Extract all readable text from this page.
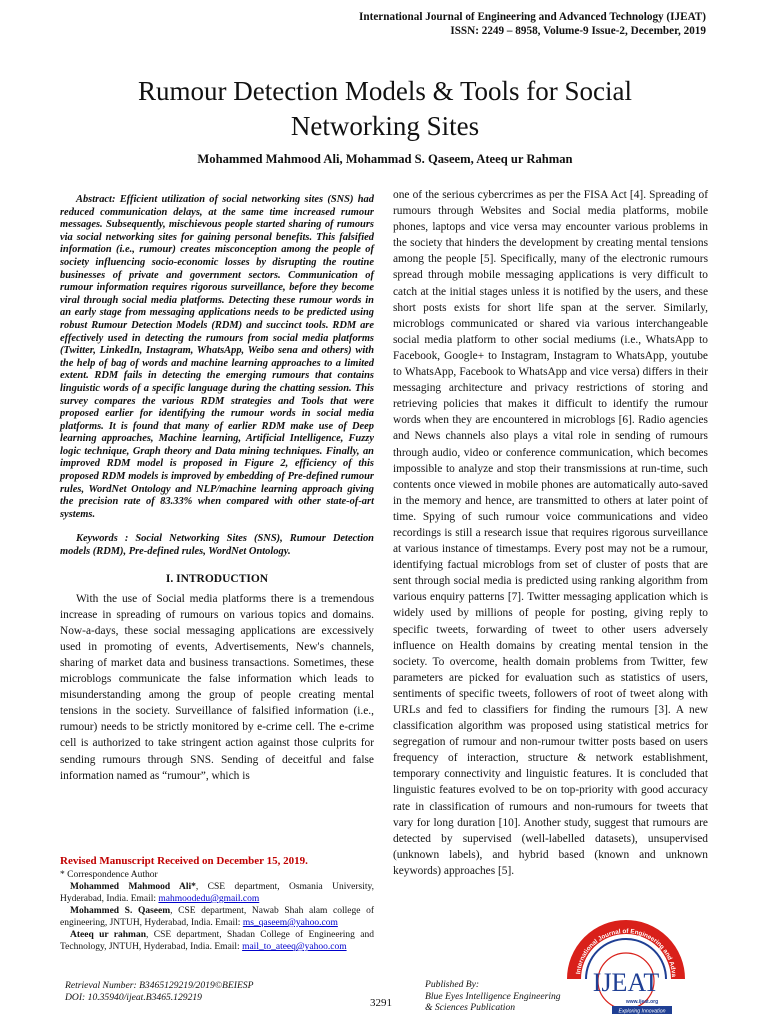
International Journal of Engineering and Advanced Technology (IJEAT)
ISSN: 2249 – 8958, Volume-9 Issue-2, December, 2019
Rumour Detection Models & Tools for Social
Networking Sites
Mohammed Mahmood Ali, Mohammad S. Qaseem, Ateeq ur Rahman

Abstract: Efficient utilization of social networking sites (SNS) had reduced communication delays, at the same time increased rumour messages. Subsequently, mischievous people started sharing of rumours via social networking sites for gaining personal benefits. This falsified information (i.e., rumour) creates misconception among the people of society influencing socio-economic losses by disrupting the routine businesses of private and government sectors. Communication of rumour information requires rigorous surveillance, before they become viral through social media platforms. Detecting these rumour words in an early stage from messaging applications needs to be predicted using robust Rumour Detection Models (RDM) and succinct tools. RDM are effectively used in detecting the rumours from social media platforms (Twitter, LinkedIn, Instagram, WhatsApp, Weibo sena and others) with the help of bag of words and machine learning approaches to a limited extent. RDM fails in detecting the emerging rumours that contains linguistic words of a specific language during the chatting session. This survey compares the various RDM strategies and Tools that were proposed earlier for identifying the rumour words in social media platforms. It is found that many of earlier RDM make use of Deep learning approaches, Machine learning, Artificial Intelligence, Fuzzy logic technique, Graph theory and Data mining techniques. Finally, an improved RDM model is proposed in Figure 2, efficiency of this proposed RDM models is improved by embedding of Pre-defined rumour rules, WordNet Ontology and NLP/machine learning approach giving the precision rate of 83.33% when compared with other state-of-art systems.

Keywords : Social Networking Sites (SNS), Rumour Detection models (RDM), Pre-defined rules, WordNet Ontology.

I. INTRODUCTION

With the use of Social media platforms there is a tremendous increase in spreading of rumours on various topics and domains. Now-a-days, these social messaging applications are excessively used in promoting of events, Advertisements, New's channels, sharing of market data and business transactions. Sometimes, these microblogs communicate the false information which leads to misunderstanding among the group of people creating mental tensions in the society. Surveillance of falsified information (i.e., rumour) needs to be strictly monitored by e-crime cell. The e-crime cell is authorized to take stringent action against those culprits for sending rumours through SNS. Sending of deceitful and false information named as “rumour”, which is

one of the serious cybercrimes as per the FISA Act [4]. Spreading of rumours through Websites and Social media platforms, mobile phones, laptops and vice versa may encounter various problems in the society that hinders the development by creating mental tensions among the people [5]. Specifically, many of the electronic rumours spread through mobile messaging applications is very difficult to catch at the initial stages unless it is notified by the users, and these short posts exists for short life span at the server. Similarly, microblogs communicated or shared via various interchangeable social media platform to other social mediums (i.e., WhatsApp to Facebook, Google+ to Instagram, Instagram to WhatsApp, youtube to WhatsApp, Facebook to WhatsApp and vice versa) differs in their messaging architecture and privacy restrictions of storing and retrieving policies that makes it difficult to identify the rumour words when they are encountered in microblogs [6]. Radio agencies and News channels also plays a vital role in sending of rumours through audio, video or conference communication, which becomes impossible to analyze and stop their transmissions at run-time, such contents once viewed in mobile phones are automatically auto-saved in the memory and hence, are transmitted to others at later point of time. Spying of such rumour voice communications and video recordings is still a research issue that requires rigorous surveillance at various instance of timestamps. Every post may not be a rumour, identifying factual microblogs from set of cluster of posts that are sent through social media is predicted using ranking algorithm from various enquiry patterns [7]. Twitter messaging application which is widely used by millions of people for posting, giving reply to specific tweets, forwarding of tweet to other users adversely influence on Health domains by creating mental tension in the society. To overcome, health domain problems from Twitter, few parameters are picked for evaluation such as statistics of users, sentiments of specific tweets, followers of root of tweet along with URLs and fed to classifiers for finding the rumours [3]. A new classification algorithm was proposed using statistical metrics for segregation of rumour and non-rumour twitter posts based on users frequency of interaction, structure & network establishment, temporary connectivity and linguistic features. It is concluded that linguistic features evolved to be on top-priority with good accuracy rate in classification of rumours and non-rumours for tweets that vary for long duration [10]. Another study, suggest that rumours are detected by supervised (well-labelled datasets), unsupervised (unknown labels), and hybrid based (known and unknown keywords) approaches [5].

Revised Manuscript Received on December 15, 2019.

* Correspondence Author

Mohammed Mahmood Ali*, CSE department, Osmania University, Hyderabad, India. Email: mahmoodedu@gmail.com

Mohammed S. Qaseem, CSE department, Nawab Shah alam college of engineering, JNTUH, Hyderabad, India. Email: ms_qaseem@yahoo.com

Ateeq ur rahman, CSE department, Shadan College of Engineering and Technology, JNTUH, Hyderabad, India. Email: mail_to_ateeq@yahoo.com

Retrieval Number: B3465129219/2019©BEIESP
DOI: 10.35940/ijeat.B3465.129219	3291
Published By:
Blue Eyes Intelligence Engineering
& Sciences Publication
International Journal of Engineering and Adva
IJEAT
www.ijeat.org
Exploring Innovation
